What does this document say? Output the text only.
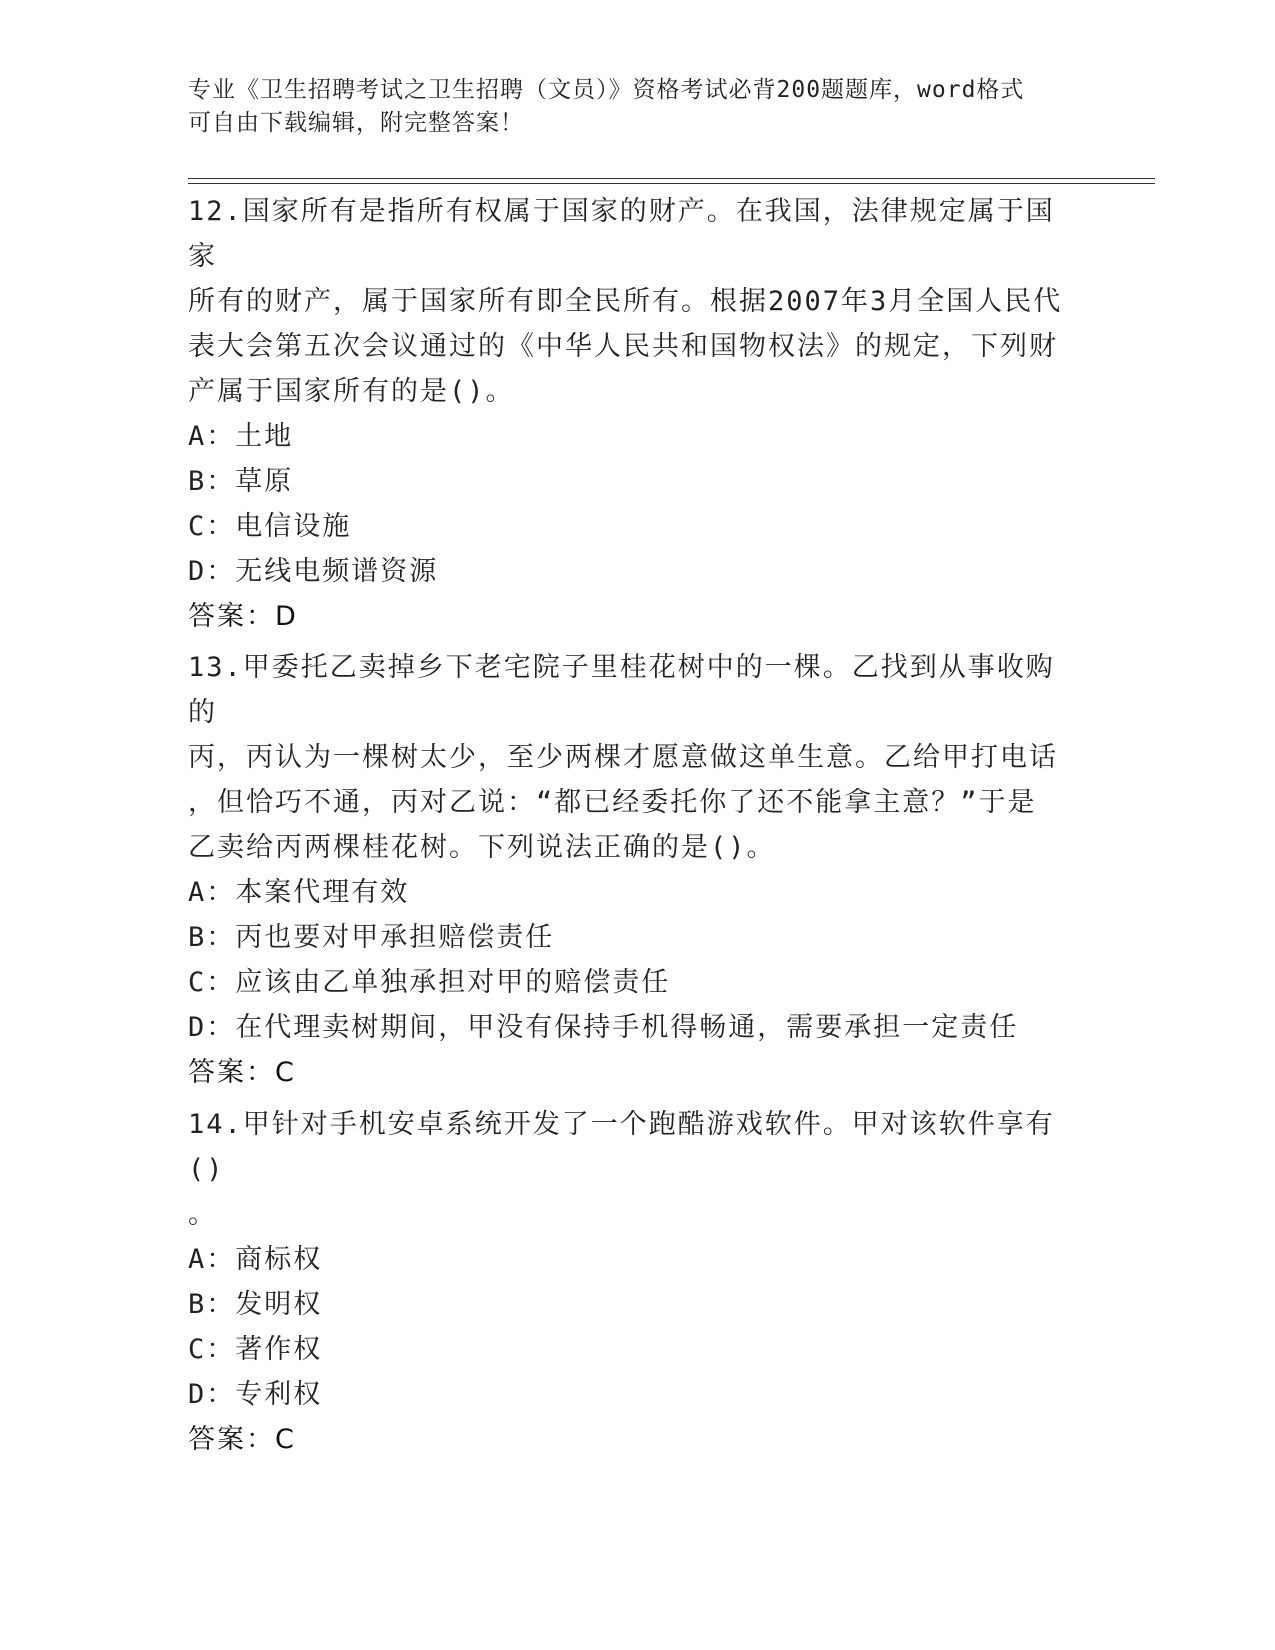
专业《卫生招聘考试之卫生招聘（文员）》资格考试必背200题题库，word格式
可自由下载编辑，附完整答案！

12.国家所有是指所有权属于国家的财产。在我国，法律规定属于国家

所有的财产，属于国家所有即全民所有。根据2007年3月全国人民代

表大会第五次会议通过的《中华人民共和国物权法》的规定，下列财

产属于国家所有的是()。

A：土地

B：草原

C：电信设施

D：无线电频谱资源

答案：D

13.甲委托乙卖掉乡下老宅院子里桂花树中的一棵。乙找到从事收购的

丙，丙认为一棵树太少，至少两棵才愿意做这单生意。乙给甲打电话

，但恰巧不通，丙对乙说：“都已经委托你了还不能拿主意？”于是

乙卖给丙两棵桂花树。下列说法正确的是()。

A：本案代理有效

B：丙也要对甲承担赔偿责任

C：应该由乙单独承担对甲的赔偿责任

D：在代理卖树期间，甲没有保持手机得畅通，需要承担一定责任

答案：C

14.甲针对手机安卓系统开发了一个跑酷游戏软件。甲对该软件享有()

。

A：商标权

B：发明权

C：著作权

D：专利权

答案：C
